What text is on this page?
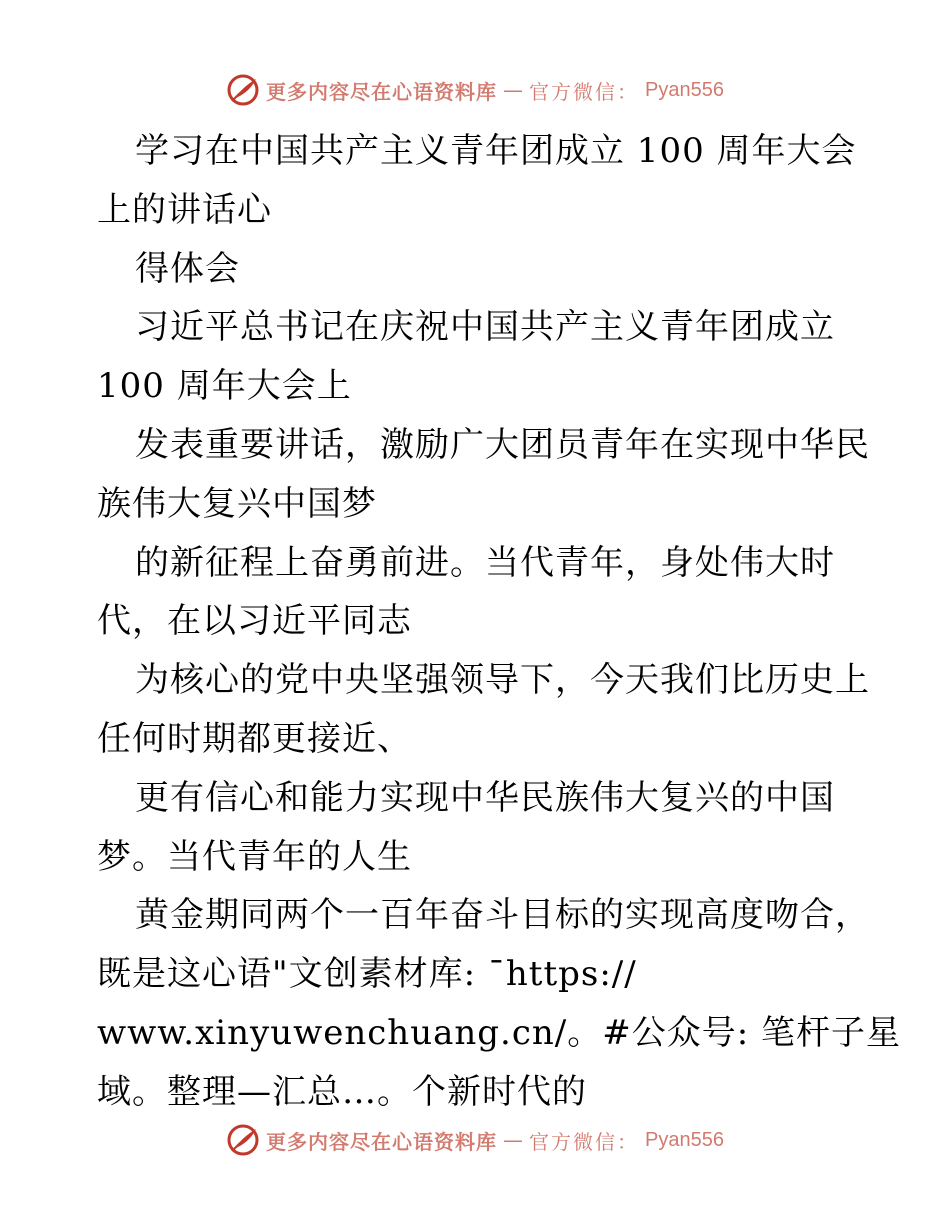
更多内容尽在心语资料库 — 官方微信： Pyan556
学习在中国共产主义青年团成立 100 周年大会
上的讲话心
得体会
习近平总书记在庆祝中国共产主义青年团成立
100 周年大会上
发表重要讲话，激励广大团员青年在实现中华民
族伟大复兴中国梦
的新征程上奋勇前进。当代青年，身处伟大时
代，在以习近平同志
为核心的党中央坚强领导下，今天我们比历史上
任何时期都更接近、
更有信心和能力实现中华民族伟大复兴的中国
梦。当代青年的人生
黄金期同两个一百年奋斗目标的实现高度吻合，
既是这心语"文创素材库: ¯https://
www.xinyuwenchuang.cn/。#公众号: 笔杆子星
域。整理—汇总…。个新时代的
更多内容尽在心语资料库 — 官方微信： Pyan556
